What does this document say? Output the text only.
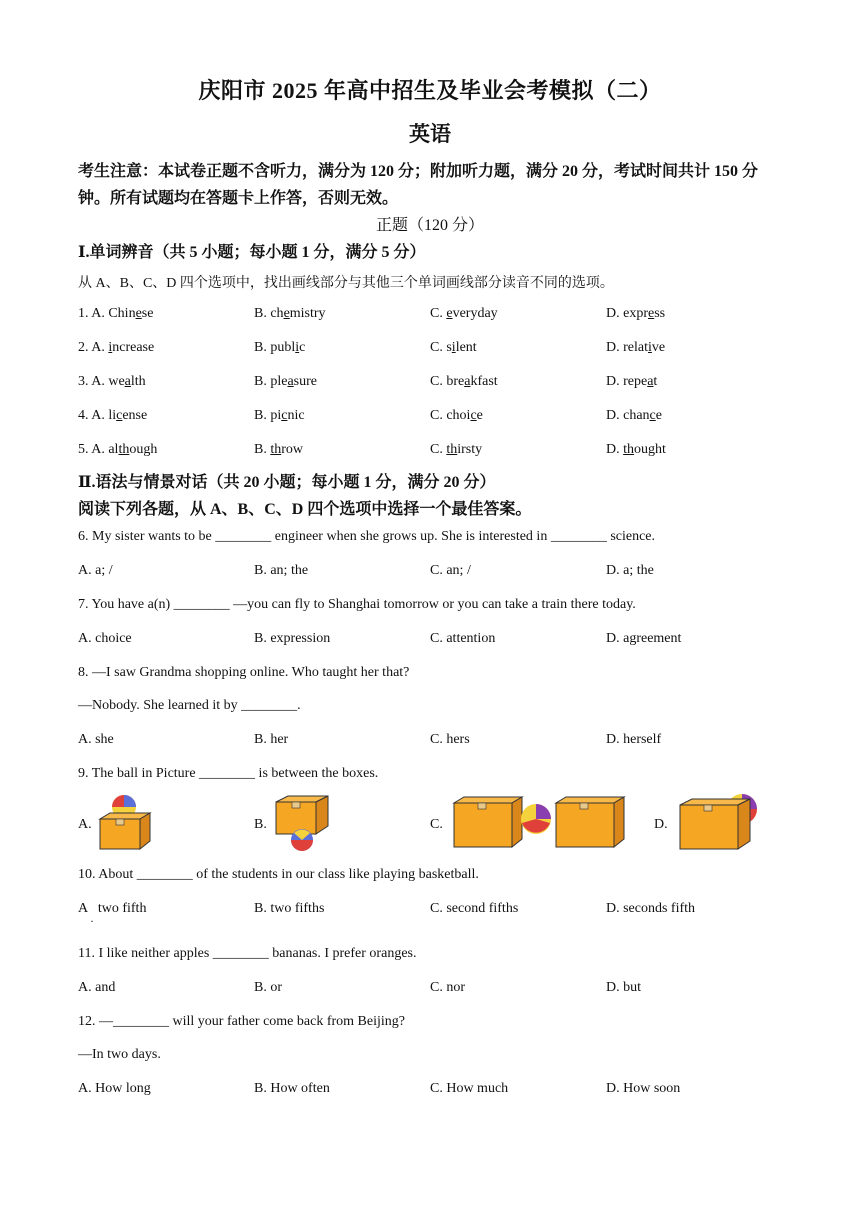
庆阳市 2025 年高中招生及毕业会考模拟（二）
英语
考生注意：本试卷正题不含听力，满分为 120 分；附加听力题，满分 20 分，考试时间共计 150 分钟。所有试题均在答题卡上作答，否则无效。
正题（120 分）
Ⅰ.单词辨音（共 5 小题；每小题 1 分，满分 5 分）
从 A、B、C、D 四个选项中，找出画线部分与其他三个单词画线部分读音不同的选项。
1. A. Chinese	B. chemistry	C. everyday	D. express
2. A. increase	B. public	C. silent	D. relative
3. A. wealth	B. pleasure	C. breakfast	D. repeat
4. A. license	B. picnic	C. choice	D. chance
5. A. although	B. throw	C. thirsty	D. thought
Ⅱ.语法与情景对话（共 20 小题；每小题 1 分，满分 20 分）
阅读下列各题，从 A、B、C、D 四个选项中选择一个最佳答案。
6. My sister wants to be ________ engineer when she grows up. She is interested in ________ science.
A. a; /	B. an; the	C. an; /	D. a; the
7. You have a(n) ________ —you can fly to Shanghai tomorrow or you can take a train there today.
A. choice	B. expression	C. attention	D. agreement
8. —I saw Grandma shopping online. Who taught her that?
—Nobody. She learned it by ________.
A. she	B. her	C. hers	D. herself
9. The ball in Picture ________ is between the boxes.
A.	B.	C.	D.
10. About ________ of the students in our class like playing basketball.
A   two fifth	B. two fifths	C. second fifths	D. seconds fifth
·
11. I like neither apples ________ bananas. I prefer oranges.
A. and	B. or	C. nor	D. but
12. —________ will your father come back from Beijing?
—In two days.
A. How long	B. How often	C. How much	D. How soon
